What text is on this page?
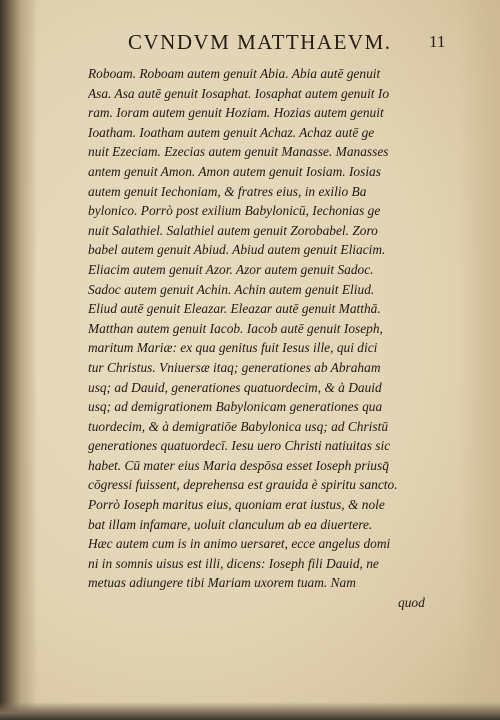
CVNDVM MATTHAEVM.	11
Roboam. Roboam autem genuit Abia. Abia autē genuit
Asa. Asa autē genuit Iosaphat. Iosaphat autem genuit Io
ram. Ioram autem genuit Hoziam. Hozias autem genuit
Ioatham. Ioatham autem genuit Achaz. Achaz autē ge
nuit Ezeciam. Ezecias autem genuit Manasse. Manasses
antem genuit Amon. Amon autem genuit Iosiam. Iosias
autem genuit Iechoniam, & fratres eius, in exilio Ba
bylonico. Porrò post exilium Babylonicū, Iechonias ge
nuit Salathiel. Salathiel autem genuit Zorobabel. Zoro
babel autem genuit Abiud. Abiud autem genuit Eliacim.
Eliacim autem genuit Azor. Azor autem genuit Sadoc.
Sadoc autem genuit Achin. Achin autem genuit Eliud.
Eliud autē genuit Eleazar. Eleazar autē genuit Matthā.
Matthan autem genuit Iacob. Iacob autē genuit Ioseph,
maritum Mariæ: ex qua genitus fuit Iesus ille, qui dici
tur Christus. Vniuersæ itaq; generationes ab Abraham
usq; ad Dauid, generationes quatuordecim, & à Dauid
usq; ad demigrationem Babylonicam generationes qua
tuordecim, & à demigratiōe Babylonica usq; ad Christū
generationes quatuordecī. Iesu uero Christi natiuitas sic
habet. Cū mater eius Maria despōsa esset Ioseph priusq̄
cōgressi fuissent, deprehensa est grauida è spiritu sancto.
Porrò Ioseph maritus eius, quoniam erat iustus, & nole
bat illam infamare, uoluit clanculum ab ea diuertere.
Hæc autem cum is in animo uersaret, ecce angelus domi
ni in somnis uisus est illi, dicens: Ioseph fili Dauid, ne
metuas adiungere tibi Mariam uxorem tuam. Nam
quod
